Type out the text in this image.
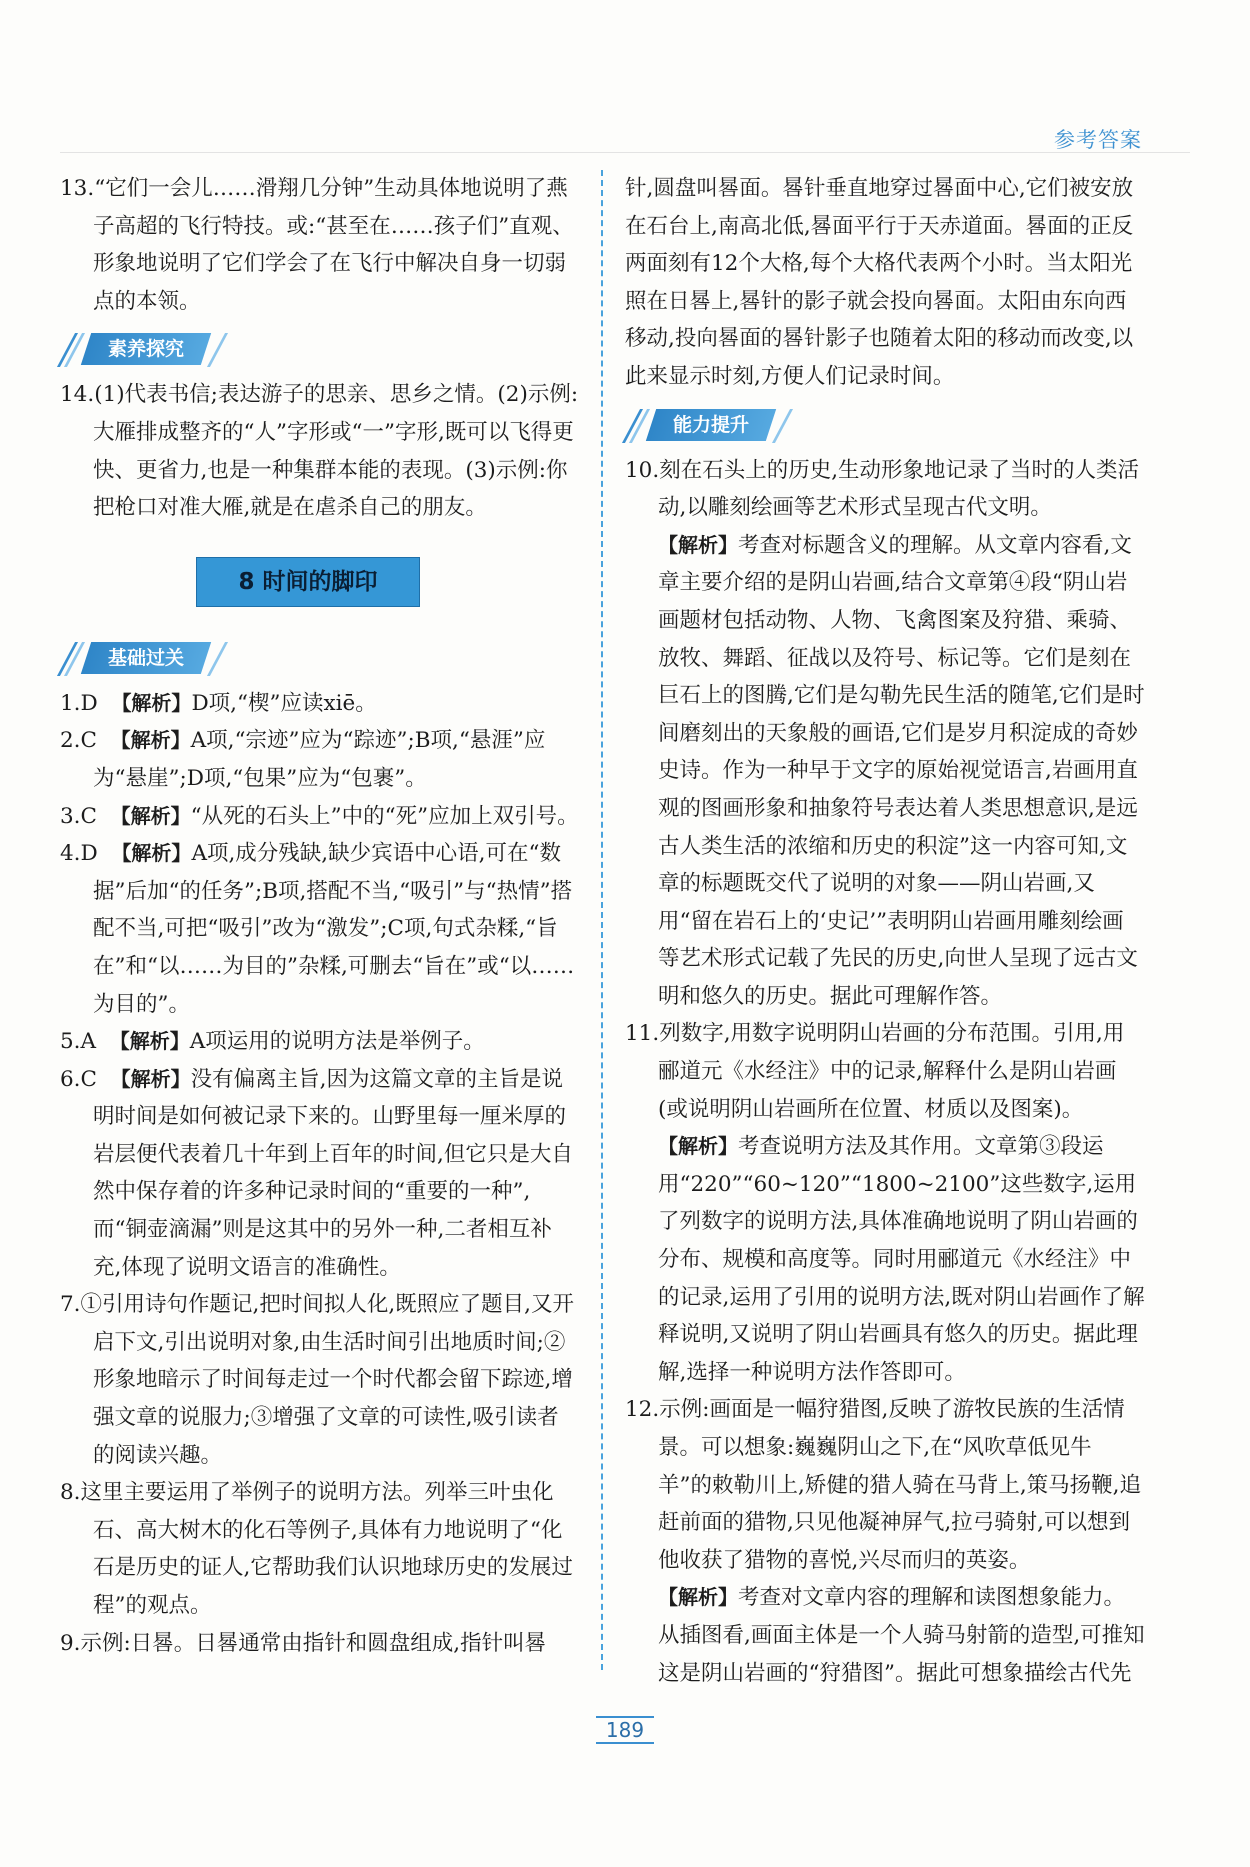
参考答案

13.“它们一会儿……滑翔几分钟”生动具体地说明了燕子高超的飞行特技。或:“甚至在……孩子们”直观、形象地说明了它们学会了在飞行中解决自身一切弱点的本领。

素养探究

14.(1)代表书信;表达游子的思亲、思乡之情。(2)示例:大雁排成整齐的“人”字形或“一”字形,既可以飞得更快、更省力,也是一种集群本能的表现。(3)示例:你把枪口对准大雁,就是在虐杀自己的朋友。

8 时间的脚印
基础过关

1.D 【解析】D项,“楔”应读xiē。

2.C 【解析】A项,“宗迹”应为“踪迹”;B项,“悬涯”应为“悬崖”;D项,“包果”应为“包裹”。

3.C 【解析】“从死的石头上”中的“死”应加上双引号。

4.D 【解析】A项,成分残缺,缺少宾语中心语,可在“数据”后加“的任务”;B项,搭配不当,“吸引”与“热情”搭配不当,可把“吸引”改为“激发”;C项,句式杂糅,“旨在”和“以……为目的”杂糅,可删去“旨在”或“以……为目的”。

5.A 【解析】A项运用的说明方法是举例子。

6.C 【解析】没有偏离主旨,因为这篇文章的主旨是说明时间是如何被记录下来的。山野里每一厘米厚的岩层便代表着几十年到上百年的时间,但它只是大自然中保存着的许多种记录时间的“重要的一种”,而“铜壶滴漏”则是这其中的另外一种,二者相互补充,体现了说明文语言的准确性。

7.①引用诗句作题记,把时间拟人化,既照应了题目,又开启下文,引出说明对象,由生活时间引出地质时间;②形象地暗示了时间每走过一个时代都会留下踪迹,增强文章的说服力;③增强了文章的可读性,吸引读者的阅读兴趣。

8.这里主要运用了举例子的说明方法。列举三叶虫化石、高大树木的化石等例子,具体有力地说明了“化石是历史的证人,它帮助我们认识地球历史的发展过程”的观点。

9.示例:日晷。日晷通常由指针和圆盘组成,指针叫晷

针,圆盘叫晷面。晷针垂直地穿过晷面中心,它们被安放在石台上,南高北低,晷面平行于天赤道面。晷面的正反两面刻有12个大格,每个大格代表两个小时。当太阳光照在日晷上,晷针的影子就会投向晷面。太阳由东向西移动,投向晷面的晷针影子也随着太阳的移动而改变,以此来显示时刻,方便人们记录时间。

能力提升

10.刻在石头上的历史,生动形象地记录了当时的人类活动,以雕刻绘画等艺术形式呈现古代文明。

【解析】考查对标题含义的理解。从文章内容看,文章主要介绍的是阴山岩画,结合文章第④段“阴山岩画题材包括动物、人物、飞禽图案及狩猎、乘骑、放牧、舞蹈、征战以及符号、标记等。它们是刻在巨石上的图腾,它们是勾勒先民生活的随笔,它们是时间磨刻出的天象般的画语,它们是岁月积淀成的奇妙史诗。作为一种早于文字的原始视觉语言,岩画用直观的图画形象和抽象符号表达着人类思想意识,是远古人类生活的浓缩和历史的积淀”这一内容可知,文章的标题既交代了说明的对象——阴山岩画,又用“留在岩石上的‘史记’”表明阴山岩画用雕刻绘画等艺术形式记载了先民的历史,向世人呈现了远古文明和悠久的历史。据此可理解作答。

11.列数字,用数字说明阴山岩画的分布范围。引用,用郦道元《水经注》中的记录,解释什么是阴山岩画(或说明阴山岩画所在位置、材质以及图案)。

【解析】考查说明方法及其作用。文章第③段运用“220”“60~120”“1800~2100”这些数字,运用了列数字的说明方法,具体准确地说明了阴山岩画的分布、规模和高度等。同时用郦道元《水经注》中的记录,运用了引用的说明方法,既对阴山岩画作了解释说明,又说明了阴山岩画具有悠久的历史。据此理解,选择一种说明方法作答即可。

12.示例:画面是一幅狩猎图,反映了游牧民族的生活情景。可以想象:巍巍阴山之下,在“风吹草低见牛羊”的敕勒川上,矫健的猎人骑在马背上,策马扬鞭,追赶前面的猎物,只见他凝神屏气,拉弓骑射,可以想到他收获了猎物的喜悦,兴尽而归的英姿。

【解析】考查对文章内容的理解和读图想象能力。从插图看,画面主体是一个人骑马射箭的造型,可推知这是阴山岩画的“狩猎图”。据此可想象描绘古代先

189
